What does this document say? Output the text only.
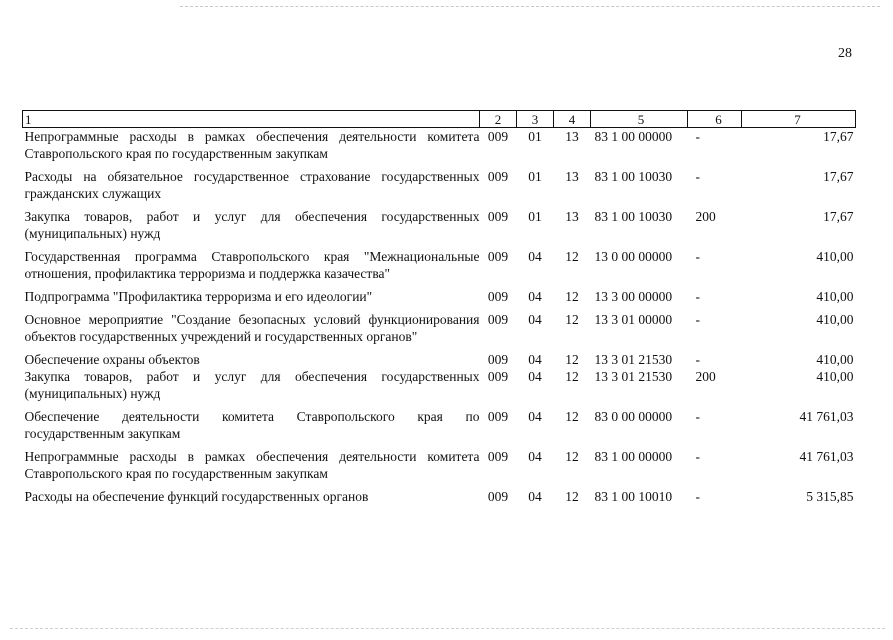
28
1	2	3	4	5	6	7
Непрограммные расходы в рамках обеспечения деятельности комитета Ставропольского края по государственным закупкам	009	01	13	83 1 00 00000	-	17,67
Расходы на обязательное государственное страхование государственных гражданских служащих	009	01	13	83 1 00 10030	-	17,67
Закупка товаров, работ и услуг для обеспечения государственных (муниципальных) нужд	009	01	13	83 1 00 10030	200	17,67
Государственная программа Ставропольского края "Межнациональные отношения, профилактика терроризма и поддержка казачества"	009	04	12	13 0 00 00000	-	410,00
Подпрограмма "Профилактика терроризма и его идеологии"	009	04	12	13 3 00 00000	-	410,00
Основное мероприятие "Создание безопасных условий функционирования объектов государственных учреждений и государственных органов"	009	04	12	13 3 01 00000	-	410,00
Обеспечение охраны объектов	009	04	12	13 3 01 21530	-	410,00
Закупка товаров, работ и услуг для обеспечения государственных (муниципальных) нужд	009	04	12	13 3 01 21530	200	410,00
Обеспечение деятельности комитета Ставропольского края по государственным закупкам	009	04	12	83 0 00 00000	-	41 761,03
Непрограммные расходы в рамках обеспечения деятельности комитета Ставропольского края по государственным закупкам	009	04	12	83 1 00 00000	-	41 761,03
Расходы на обеспечение функций государственных органов	009	04	12	83 1 00 10010	-	5 315,85
